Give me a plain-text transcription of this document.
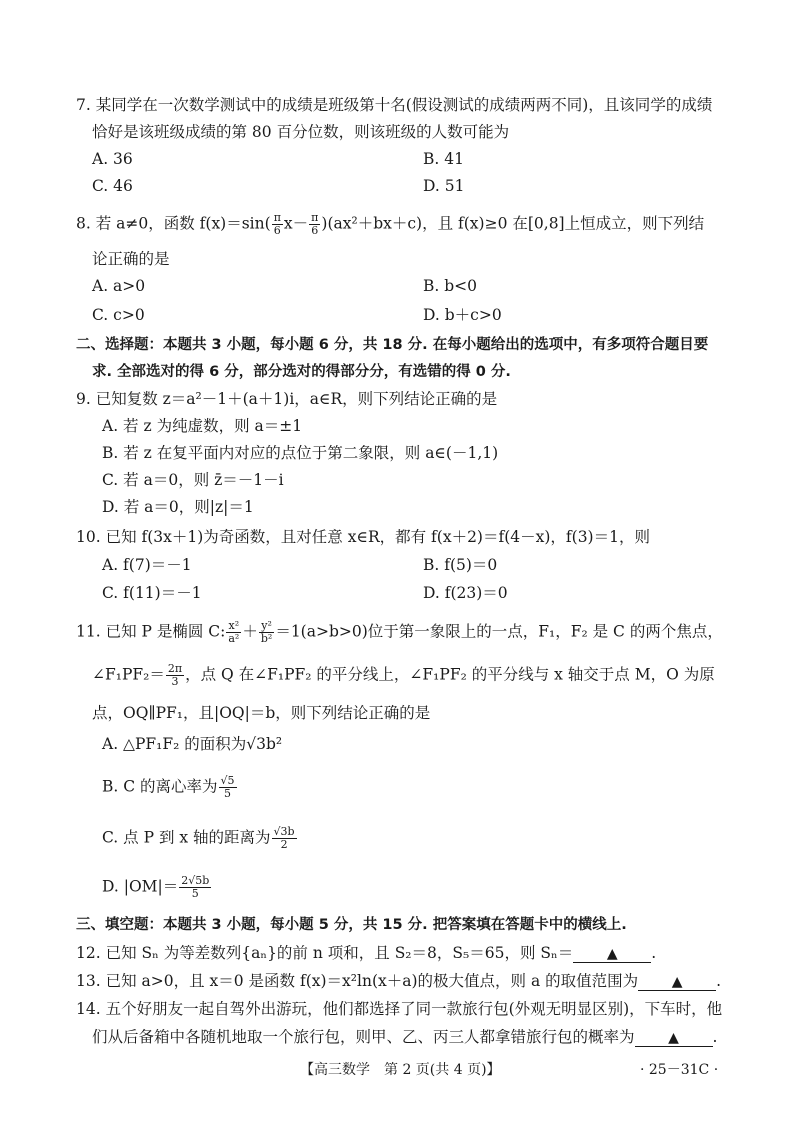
7. 某同学在一次数学测试中的成绩是班级第十名(假设测试的成绩两两不同)，且该同学的成绩
恰好是该班级成绩的第 80 百分位数，则该班级的人数可能为
A. 36	B. 41
C. 46	D. 51
8. 若 a≠0，函数 $f(x)=\sin( \frac{\pi}{6} x- \frac{\pi}{6} )(ax^2+bx+c)$，且 f(x)≥0 在[0,8]上恒成立，则下列结
论正确的是
A. a>0	B. b<0
C. c>0	D. b＋c>0
二、选择题：本题共 3 小题，每小题 6 分，共 18 分. 在每小题给出的选项中，有多项符合题目要
求. 全部选对的得 6 分，部分选对的得部分分，有选错的得 0 分.
9. 已知复数 z＝a²－1＋(a＋1)i，a∈R，则下列结论正确的是
A. 若 z 为纯虚数，则 a＝±1
B. 若 z 在复平面内对应的点位于第二象限，则 a∈(－1,1)
C. 若 a＝0，则 z̄＝－1－i
D. 若 a＝0，则|z|＝1
10. 已知 f(3x＋1)为奇函数，且对任意 x∈R，都有 f(x＋2)＝f(4－x)，f(3)＝1，则
A. f(7)＝－1	B. f(5)＝0
C. f(11)＝－1	D. f(23)＝0
11. 已知 P 是椭圆 C: $\frac{\text{x²}}{\text{a²}} + \frac{\text{y²}}{\text{b²}} =1(a>b>0)$位于第一象限上的一点，F₁，F₂ 是 C 的两个焦点，
∠F₁PF₂＝ $\frac{2\pi}{3}$ ，点 Q 在∠F₁PF₂ 的平分线上，∠F₁PF₂ 的平分线与 x 轴交于点 M，O 为原
点，OQ∥PF₁，且|OQ|＝b，则下列结论正确的是
A. △PF₁F₂ 的面积为√3b²
B. C 的离心率为 $\frac{√5}{5}$
C. 点 P 到 x 轴的距离为 $\frac{√3b}{2}$
D. $|OM|= \frac{2√5b}{5}$
三、填空题：本题共 3 小题，每小题 5 分，共 15 分. 把答案填在答题卡中的横线上.
12. 已知 Sₙ 为等差数列{aₙ}的前 n 项和，且 S₂＝8，S₅＝65，则 Sₙ＝ ▲ .
13. 已知 a>0，且 x＝0 是函数 f(x)＝x²ln(x＋a)的极大值点，则 a 的取值范围为 ▲ .
14. 五个好朋友一起自驾外出游玩，他们都选择了同一款旅行包(外观无明显区别)，下车时，他
们从后备箱中各随机地取一个旅行包，则甲、乙、丙三人都拿错旅行包的概率为 ▲ .
【高三数学　第 2 页(共 4 页)】	· 25－31C ·
